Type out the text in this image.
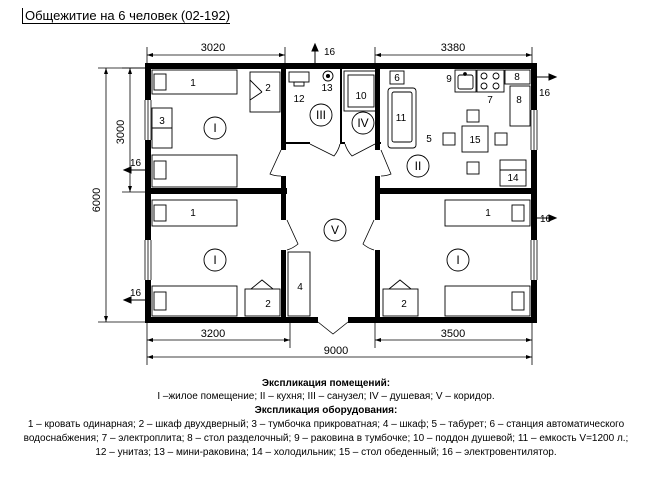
Общежитие на 6 человек (02-192)
3020	3380
3000
6000
3200	3500
9000
I
II
III
IV
V
I	I
1	2
3
1
2
1
2
4
5
6
7
8
8
9
10
11
12
13
14
15
16
16
16
16
16
Экспликация помещений:
I –жилое помещение; II – кухня; III – санузел; IV – душевая; V – коридор.
Экспликация оборудования:
1 – кровать одинарная; 2 – шкаф двухдверный; 3 – тумбочка прикроватная; 4 – шкаф; 5 – табурет; 6 – станция автоматического
водоснабжения; 7 – электроплита; 8 – стол разделочный; 9 – раковина в тумбочке; 10 – поддон душевой; 11 – емкость V=1200 л.;
12 – унитаз; 13 – мини-раковина; 14 – холодильник; 15 – стол обеденный; 16 – электровентилятор.
